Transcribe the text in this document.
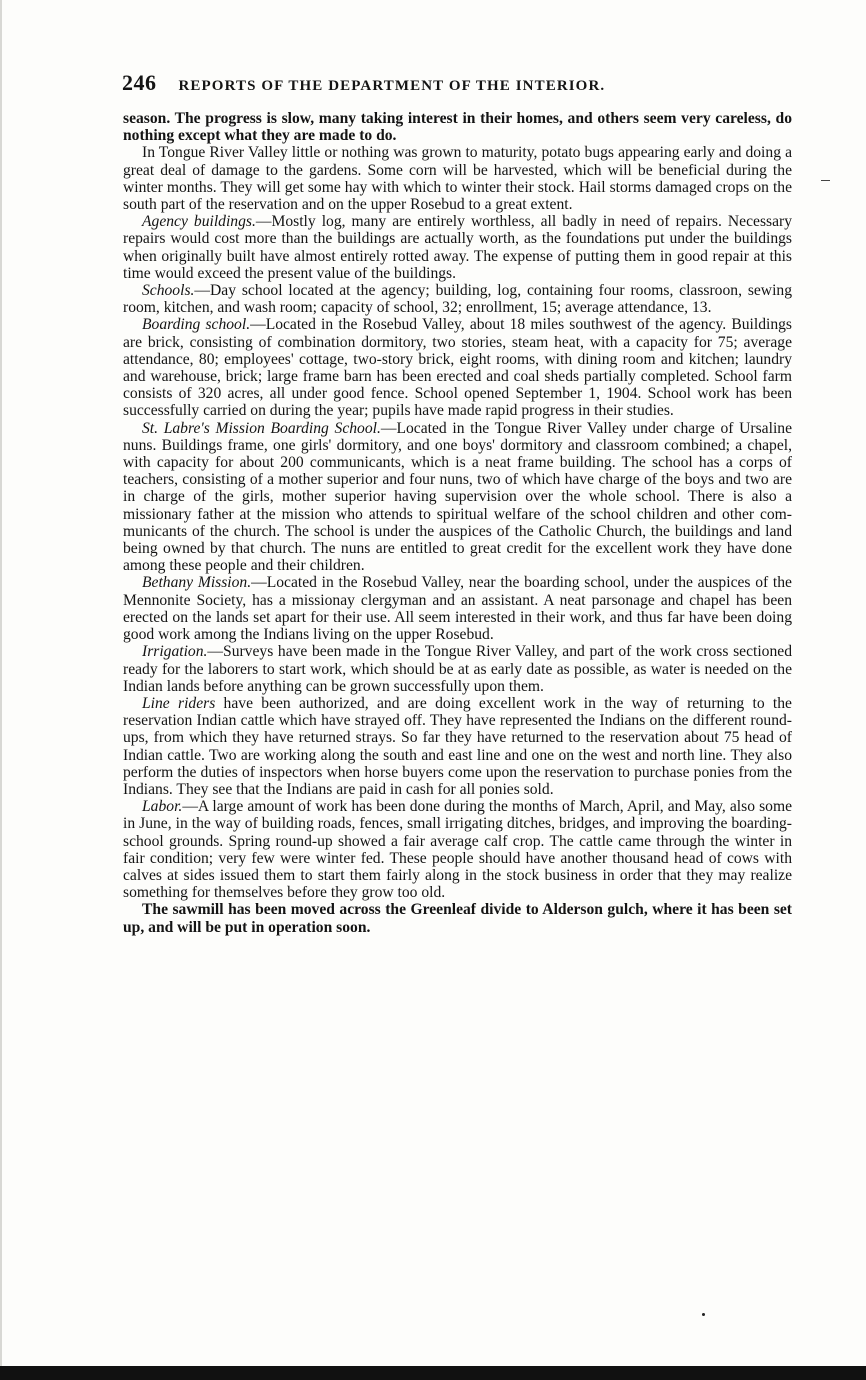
246 REPORTS OF THE DEPARTMENT OF THE INTERIOR.

season. The progress is slow, many taking interest in their homes, and others seem very careless, do nothing except what they are made to do.

In Tongue River Valley little or nothing was grown to maturity, potato bugs appearing early and doing a great deal of damage to the gardens. Some corn will be harvested, which will be beneficial during the winter months. They will get some hay with which to winter their stock. Hail storms damaged crops on the south part of the reservation and on the upper Rosebud to a great extent.

Agency buildings.—Mostly log, many are entirely worthless, all badly in need of repairs. Necessary repairs would cost more than the buildings are actually worth, as the foundations put under the buildings when originally built have almost entirely rotted away. The expense of putting them in good repair at this time would exceed the present value of the buildings.

Schools.—Day school located at the agency; building, log, containing four rooms, classroon, sewing room, kitchen, and wash room; capacity of school, 32; enrollment, 15; average attendance, 13.

Boarding school.—Located in the Rosebud Valley, about 18 miles southwest of the agency. Buildings are brick, consisting of combination dormitory, two stories, steam heat, with a capacity for 75; average attendance, 80; employees' cottage, two-story brick, eight rooms, with dining room and kitchen; laundry and warehouse, brick; large frame barn has been erected and coal sheds partially completed. School farm consists of 320 acres, all under good fence. School opened September 1, 1904. School work has been successfully carried on during the year; pupils have made rapid progress in their studies.

St. Labre's Mission Boarding School.—Located in the Tongue River Valley under charge of Ursaline nuns. Buildings frame, one girls' dormitory, and one boys' dormitory and classroom combined; a chapel, with capacity for about 200 communicants, which is a neat frame building. The school has a corps of teachers, consisting of a mother superior and four nuns, two of which have charge of the boys and two are in charge of the girls, mother superior having supervision over the whole school. There is also a missionary father at the mission who attends to spiritual welfare of the school children and other communicants of the church. The school is under the auspices of the Catholic Church, the buildings and land being owned by that church. The nuns are entitled to great credit for the excellent work they have done among these people and their children.

Bethany Mission.—Located in the Rosebud Valley, near the boarding school, under the auspices of the Mennonite Society, has a missionay clergyman and an assistant. A neat parsonage and chapel has been erected on the lands set apart for their use. All seem interested in their work, and thus far have been doing good work among the Indians living on the upper Rosebud.

Irrigation.—Surveys have been made in the Tongue River Valley, and part of the work cross sectioned ready for the laborers to start work, which should be at as early date as possible, as water is needed on the Indian lands before anything can be grown successfully upon them.

Line riders have been authorized, and are doing excellent work in the way of returning to the reservation Indian cattle which have strayed off. They have represented the Indians on the different round-ups, from which they have returned strays. So far they have returned to the reservation about 75 head of Indian cattle. Two are working along the south and east line and one on the west and north line. They also perform the duties of inspectors when horse buyers come upon the reservation to purchase ponies from the Indians. They see that the Indians are paid in cash for all ponies sold.

Labor.—A large amount of work has been done during the months of March, April, and May, also some in June, in the way of building roads, fences, small irrigating ditches, bridges, and improving the boarding-school grounds. Spring round-up showed a fair average calf crop. The cattle came through the winter in fair condition; very few were winter fed. These people should have another thousand head of cows with calves at sides issued them to start them fairly along in the stock business in order that they may realize something for themselves before they grow too old.

The sawmill has been moved across the Greenleaf divide to Alderson gulch, where it has been set up, and will be put in operation soon.
